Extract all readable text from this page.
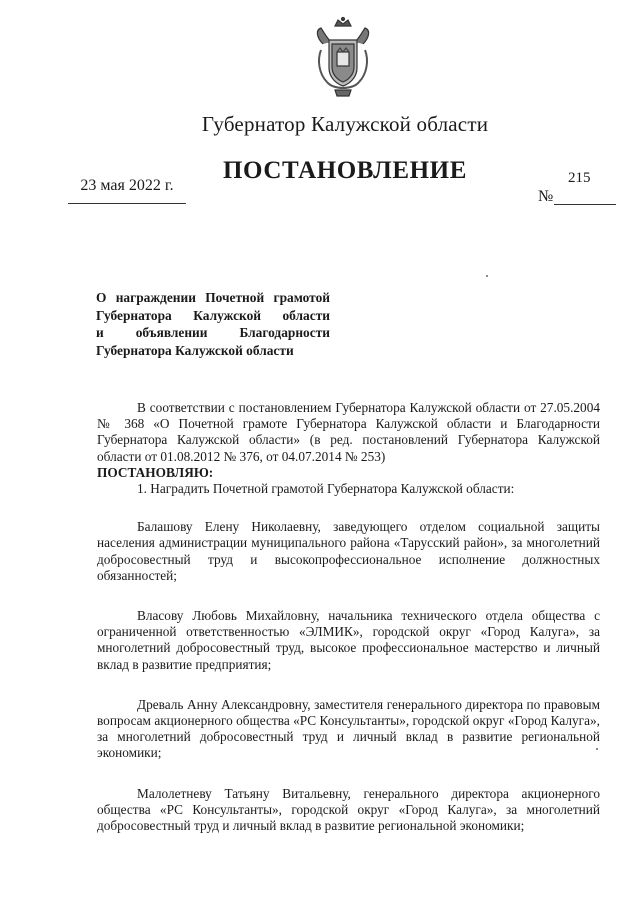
Губернатор Калужской области
ПОСТАНОВЛЕНИЕ
23 мая 2022 г.	215
№
О награждении Почетной грамотой
Губернатора Калужской области
и объявлении Благодарности
Губернатора Калужской области

В соответствии с постановлением Губернатора Калужской области от 27.05.2004 № 368 «О Почетной грамоте Губернатора Калужской области и Благодарности Губернатора Калужской области» (в ред. постановлений Губернатора Калужской области от 01.08.2012 № 376, от 04.07.2014 № 253)

ПОСТАНОВЛЯЮ:

1. Наградить Почетной грамотой Губернатора Калужской области:

Балашову Елену Николаевну, заведующего отделом социальной защиты населения администрации муниципального района «Тарусский район», за многолетний добросовестный труд и высокопрофессиональное исполнение должностных обязанностей;

Власову Любовь Михайловну, начальника технического отдела общества с ограниченной ответственностью «ЭЛМИК», городской округ «Город Калуга», за многолетний добросовестный труд, высокое профессиональное мастерство и личный вклад в развитие предприятия;

Древаль Анну Александровну, заместителя генерального директора по правовым вопросам акционерного общества «РС Консультанты», городской округ «Город Калуга», за многолетний добросовестный труд и личный вклад в развитие региональной экономики;

Малолетневу Татьяну Витальевну, генерального директора акционерного общества «РС Консультанты», городской округ «Город Калуга», за многолетний добросовестный труд и личный вклад в развитие региональной экономики;
